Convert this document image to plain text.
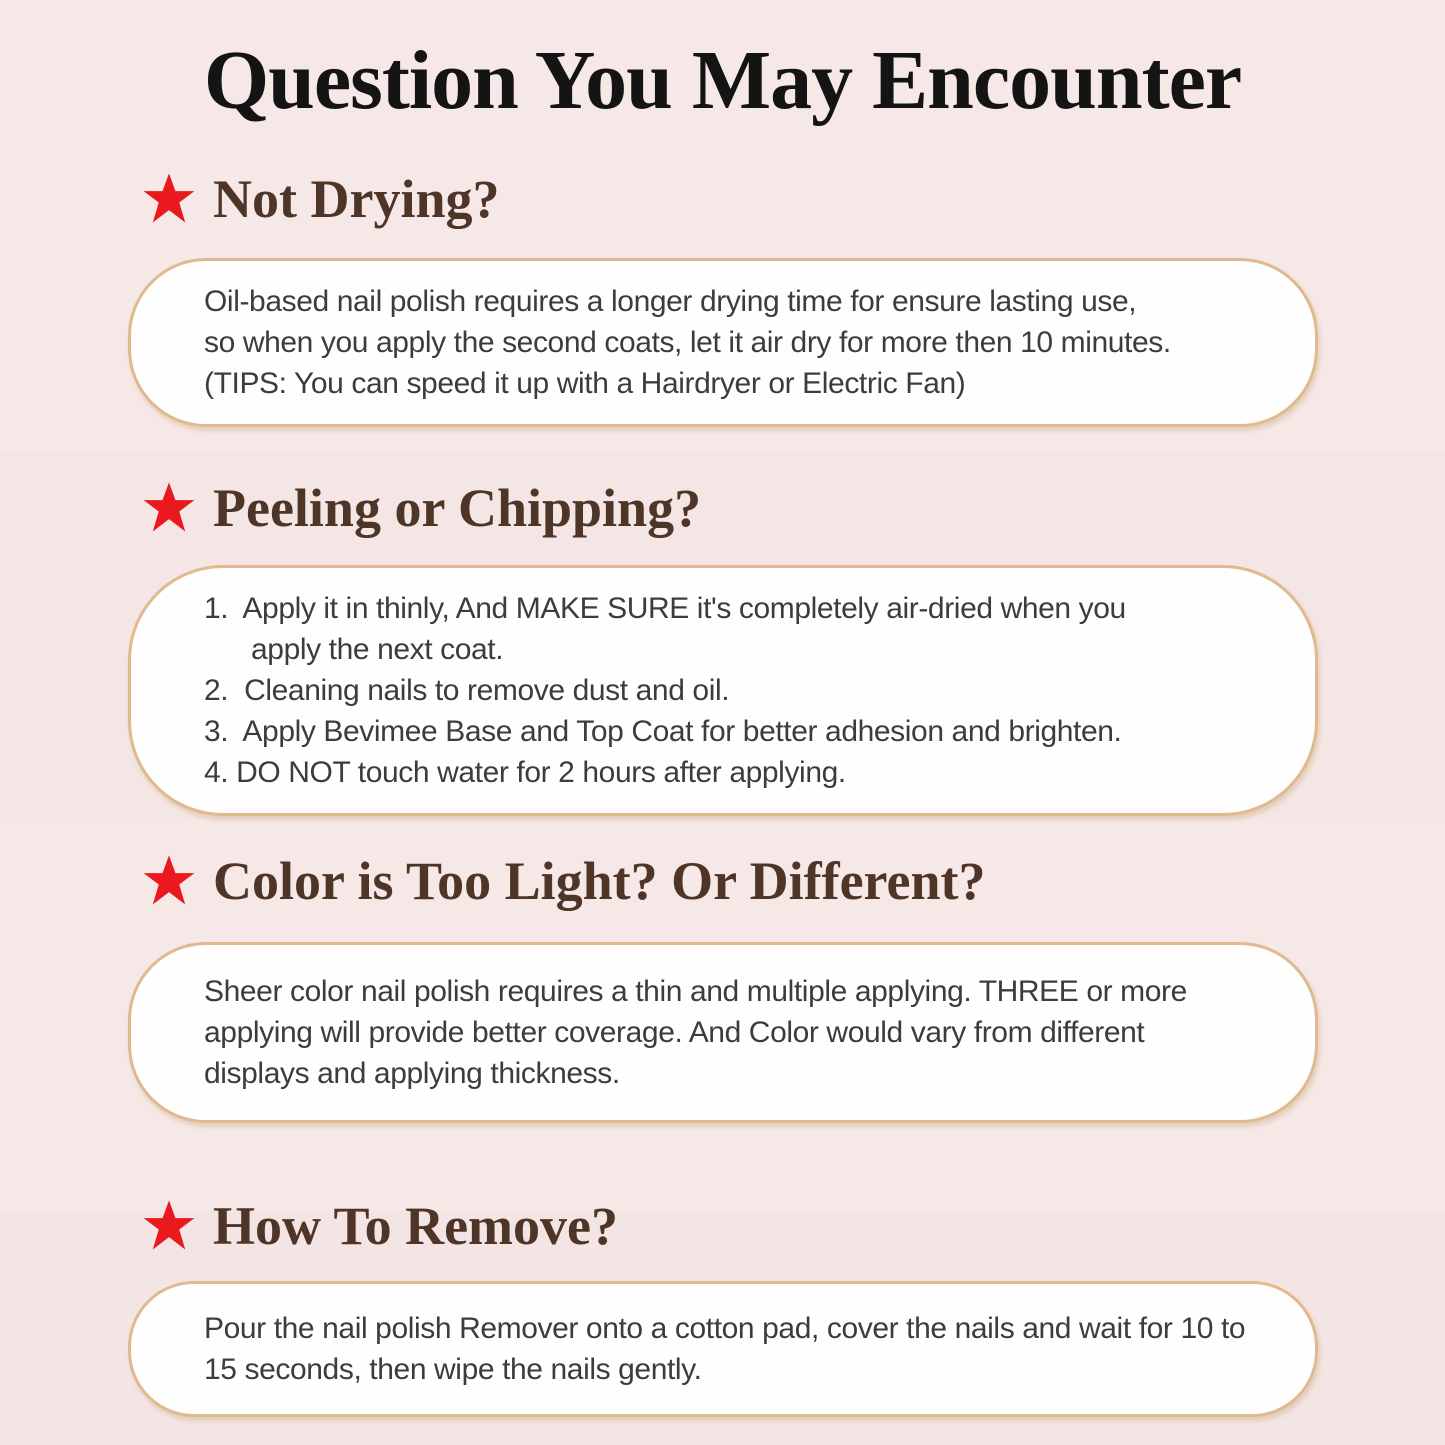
Question You May Encounter
Not Drying?
Oil-based nail polish requires a longer drying time for ensure lasting use,
so when you apply the second coats, let it air dry for more then 10 minutes.
(TIPS: You can speed it up with a Hairdryer or Electric Fan)
Peeling or Chipping?
1.  Apply it in thinly, And MAKE SURE it's completely air-dried when you
apply the next coat.
2.  Cleaning nails to remove dust and oil.
3.  Apply Bevimee Base and Top Coat for better adhesion and brighten.
4. DO NOT touch water for 2 hours after applying.
Color is Too Light? Or Different?
Sheer color nail polish requires a thin and multiple applying. THREE or more
applying will provide better coverage. And Color would vary from different
displays and applying thickness.
How To Remove?
Pour the nail polish Remover onto a cotton pad, cover the nails and wait for 10 to
15 seconds, then wipe the nails gently.
